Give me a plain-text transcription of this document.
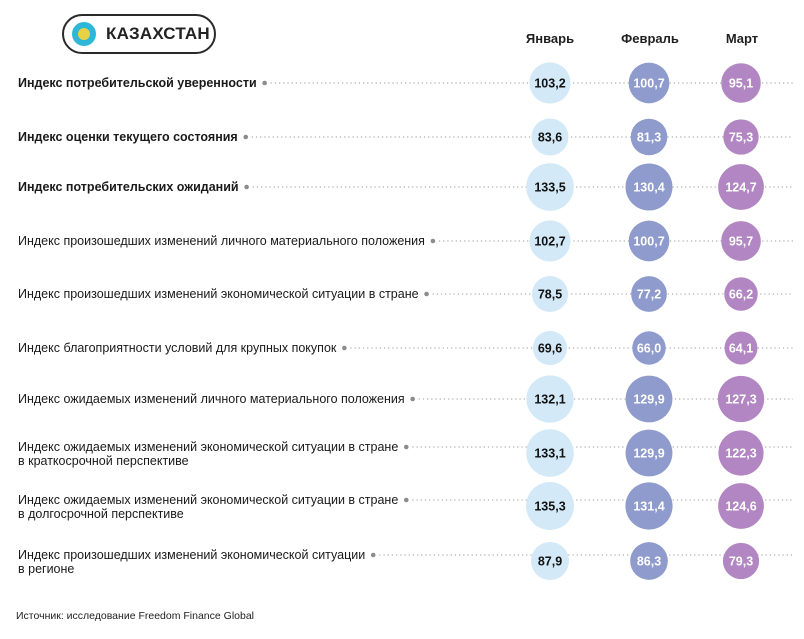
КАЗАХСТАН	Январь	Февраль	Март
Индекс потребительской уверенности	103,2	100,7	95,1
Индекс оценки текущего состояния	83,6	81,3	75,3
Индекс потребительских ожиданий	133,5	130,4	124,7
Индекс произошедших изменений личного материального положения	102,7	100,7	95,7
Индекс произошедших изменений экономической ситуации в стране	78,5	77,2	66,2
Индекс благоприятности условий для крупных покупок	69,6	66,0	64,1
Индекс ожидаемых изменений личного материального положения	132,1	129,9	127,3
Индекс ожидаемых изменений экономической ситуации в стране в краткосрочной перспективе
133,1	129,9	122,3
Индекс ожидаемых изменений экономической ситуации в стране в долгосрочной перспективе
135,3	131,4	124,6
Индекс произошедших изменений экономической ситуации в регионе
87,9	86,3	79,3
Источник: исследование Freedom Finance Global
